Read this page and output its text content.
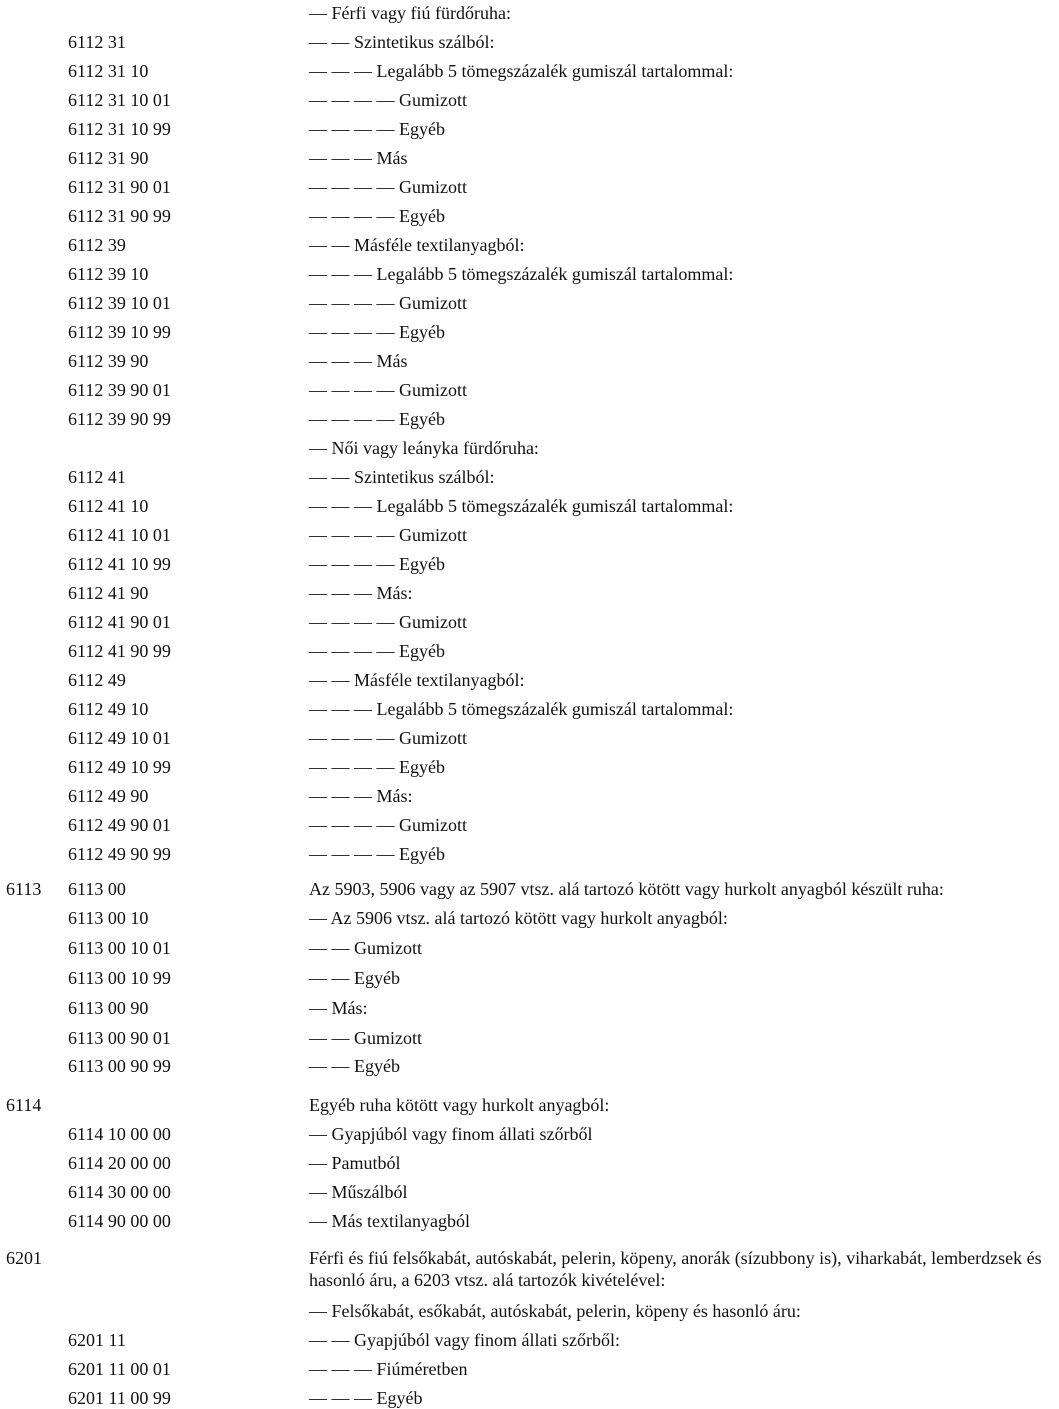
— Férfi vagy fiú fürdőruha:
6112 31	— — Szintetikus szálból:
6112 31 10	— — — Legalább 5 tömegszázalék gumiszál tartalommal:
6112 31 10 01	— — — — Gumizott
6112 31 10 99	— — — — Egyéb
6112 31 90	— — — Más
6112 31 90 01	— — — — Gumizott
6112 31 90 99	— — — — Egyéb
6112 39	— — Másféle textilanyagból:
6112 39 10	— — — Legalább 5 tömegszázalék gumiszál tartalommal:
6112 39 10 01	— — — — Gumizott
6112 39 10 99	— — — — Egyéb
6112 39 90	— — — Más
6112 39 90 01	— — — — Gumizott
6112 39 90 99	— — — — Egyéb
— Női vagy leányka fürdőruha:
6112 41	— — Szintetikus szálból:
6112 41 10	— — — Legalább 5 tömegszázalék gumiszál tartalommal:
6112 41 10 01	— — — — Gumizott
6112 41 10 99	— — — — Egyéb
6112 41 90	— — — Más:
6112 41 90 01	— — — — Gumizott
6112 41 90 99	— — — — Egyéb
6112 49	— — Másféle textilanyagból:
6112 49 10	— — — Legalább 5 tömegszázalék gumiszál tartalommal:
6112 49 10 01	— — — — Gumizott
6112 49 10 99	— — — — Egyéb
6112 49 90	— — — Más:
6112 49 90 01	— — — — Gumizott
6112 49 90 99	— — — — Egyéb
6113 6113 00	Az 5903, 5906 vagy az 5907 vtsz. alá tartozó kötött vagy hurkolt anyagból készült ruha:
6113 00 10	— Az 5906 vtsz. alá tartozó kötött vagy hurkolt anyagból:
6113 00 10 01	— — Gumizott
6113 00 10 99	— — Egyéb
6113 00 90	— Más:
6113 00 90 01	— — Gumizott
6113 00 90 99	— — Egyéb
6114	Egyéb ruha kötött vagy hurkolt anyagból:
6114 10 00 00	— Gyapjúból vagy finom állati szőrből
6114 20 00 00	— Pamutból
6114 30 00 00	— Műszálból
6114 90 00 00	— Más textilanyagból
6201	Férfi és fiú felsőkabát, autóskabát, pelerin, köpeny, anorák (sízubbony is), viharkabát, lemberdzsek és hasonló áru, a 6203 vtsz. alá tartozók kivételével:
— Felsőkabát, esőkabát, autóskabát, pelerin, köpeny és hasonló áru:
6201 11	— — Gyapjúból vagy finom állati szőrből:
6201 11 00 01	— — — Fiúméretben
6201 11 00 99	— — — Egyéb
